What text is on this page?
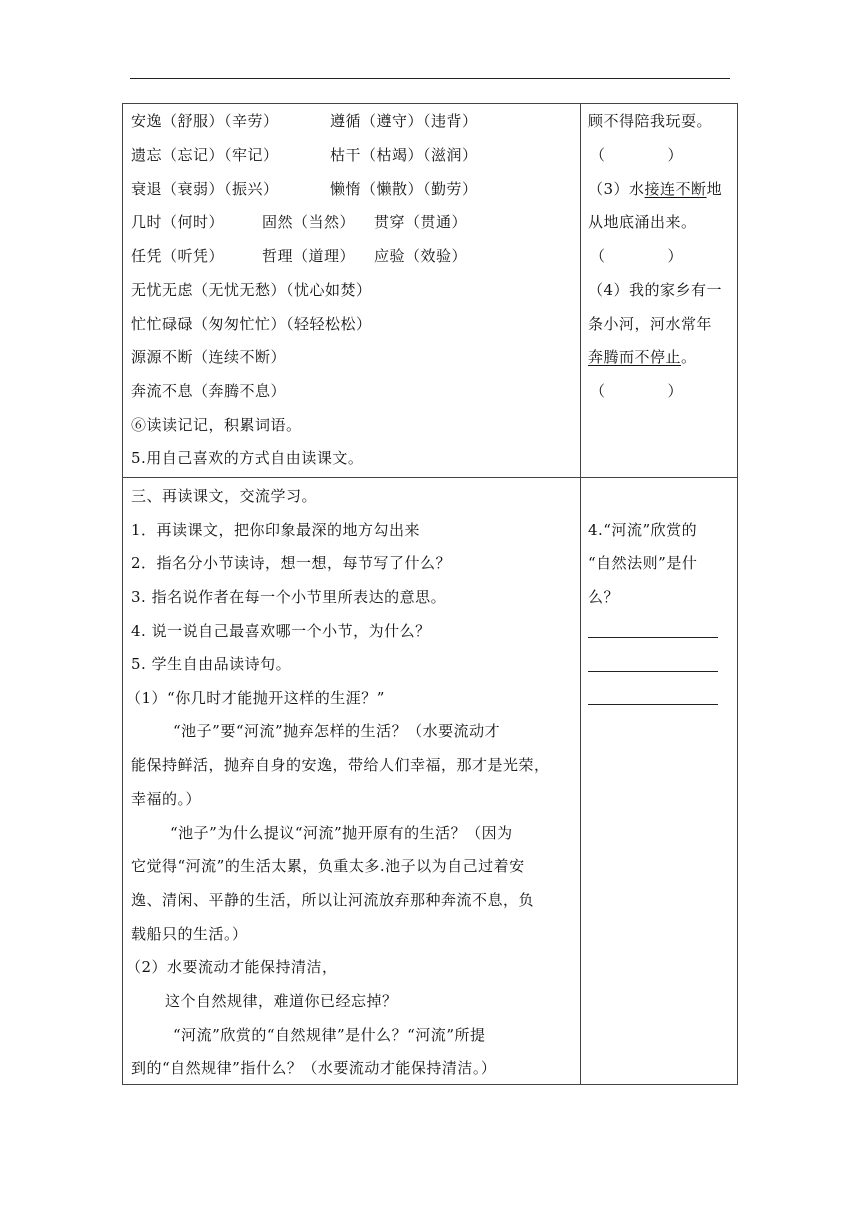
安逸（舒服）（辛劳）	遵循（遵守）（违背）
遗忘（忘记）（牢记）	枯干（枯竭）（滋润）
衰退（衰弱）（振兴）	懒惰（懒散）（勤劳）
几时（何时）	固然（当然） 贯穿（贯通）
任凭（听凭）	哲理（道理） 应验（效验）
无忧无虑（无忧无愁）（忧心如焚）
忙忙碌碌（匆匆忙忙）（轻轻松松）
源源不断（连续不断）
奔流不息（奔腾不息）
⑥读读记记，积累词语。
5.用自己喜欢的方式自由读课文。
顾不得陪我玩耍。
（　　　　）
（3）水接连不断地
从地底涌出来。
（　　　　）
（4）我的家乡有一
条小河，河水常年
奔腾而不停止。
（　　　　）
三、再读课文，交流学习。
1．再读课文，把你印象最深的地方勾出来
2．指名分小节读诗，想一想，每节写了什么？
3. 指名说作者在每一个小节里所表达的意思。
4. 说一说自己最喜欢哪一个小节，为什么？
5. 学生自由品读诗句。
（1）“你几时才能抛开这样的生涯？”
“池子”要“河流”抛弃怎样的生活？（水要流动才
能保持鲜活，抛弃自身的安逸，带给人们幸福，那才是光荣，
幸福的。）
“池子”为什么提议“河流”抛开原有的生活？（因为
它觉得“河流”的生活太累，负重太多.池子以为自己过着安
逸、清闲、平静的生活，所以让河流放弃那种奔流不息，负
载船只的生活。）
（2）水要流动才能保持清洁，
这个自然规律，难道你已经忘掉？
“河流”欣赏的“自然规律”是什么？“河流”所提
到的“自然规律”指什么？（水要流动才能保持清洁。）
4.“河流”欣赏的
“自然法则”是什
么？
